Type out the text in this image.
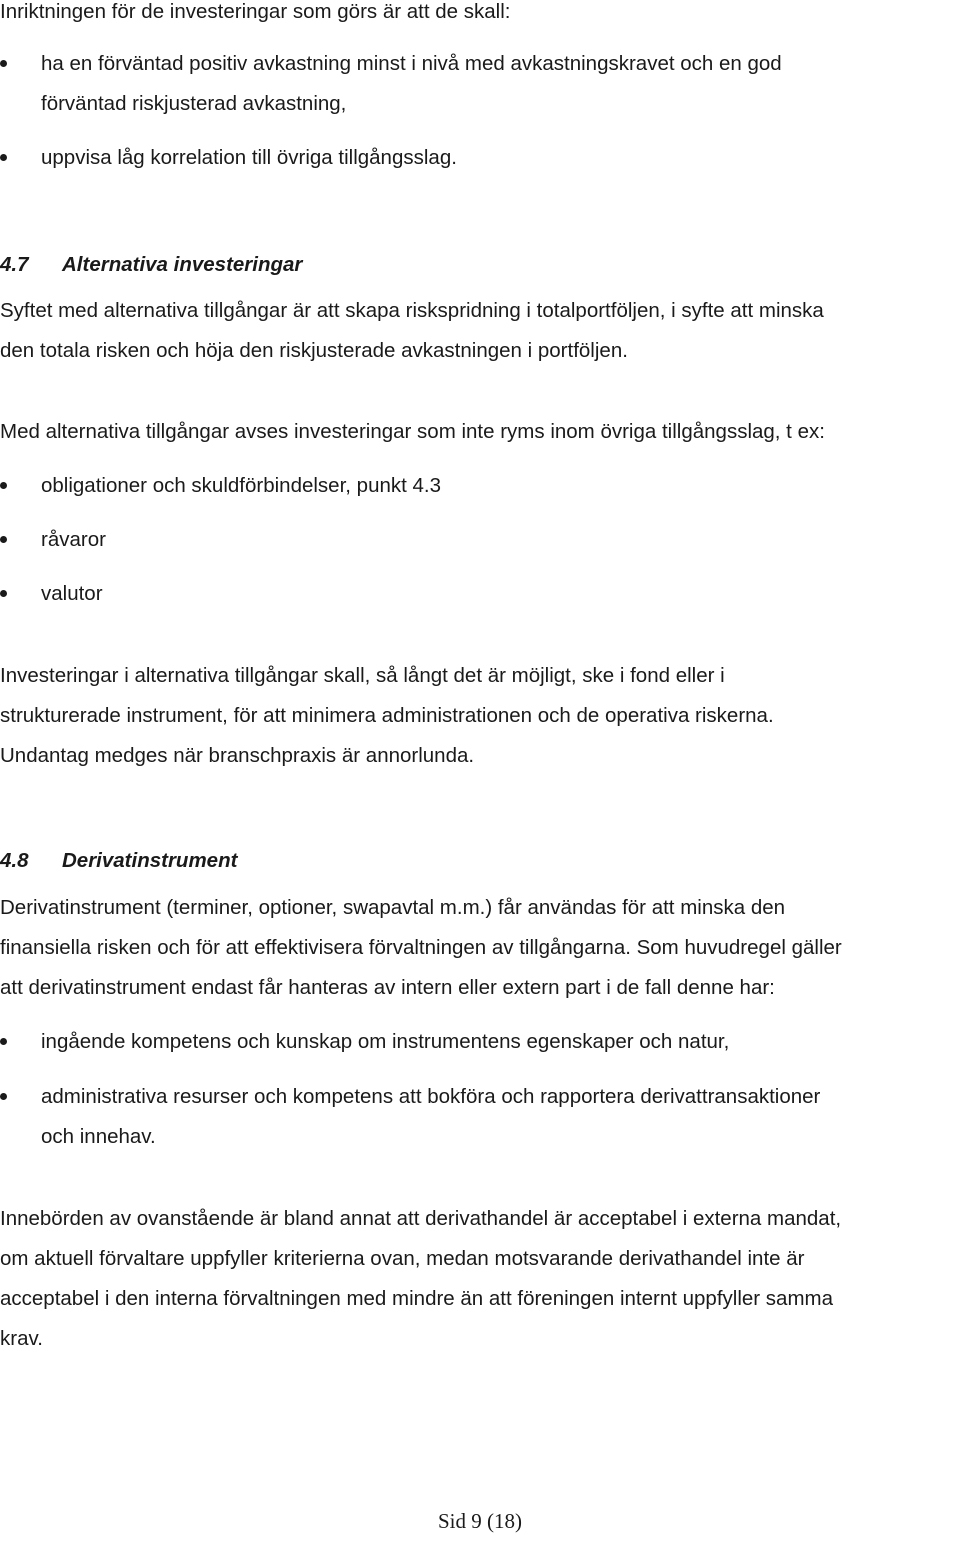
Inriktningen för de investeringar som görs är att de skall:

ha en förväntad positiv avkastning minst i nivå med avkastningskravet och en god

förväntad riskjusterad avkastning,

uppvisa låg korrelation till övriga tillgångsslag.

4.7 Alternativa investeringar

Syftet med alternativa tillgångar är att skapa riskspridning i totalportföljen, i syfte att minska

den totala risken och höja den riskjusterade avkastningen i portföljen.

Med alternativa tillgångar avses investeringar som inte ryms inom övriga tillgångsslag, t ex:

obligationer och skuldförbindelser, punkt 4.3

råvaror

valutor

Investeringar i alternativa tillgångar skall, så långt det är möjligt, ske i fond eller i

strukturerade instrument, för att minimera administrationen och de operativa riskerna.

Undantag medges när branschpraxis är annorlunda.

4.8 Derivatinstrument

Derivatinstrument (terminer, optioner, swapavtal m.m.) får användas för att minska den

finansiella risken och för att effektivisera förvaltningen av tillgångarna. Som huvudregel gäller

att derivatinstrument endast får hanteras av intern eller extern part i de fall denne har:

ingående kompetens och kunskap om instrumentens egenskaper och natur,

administrativa resurser och kompetens att bokföra och rapportera derivattransaktioner

och innehav.

Innebörden av ovanstående är bland annat att derivathandel är acceptabel i externa mandat,

om aktuell förvaltare uppfyller kriterierna ovan, medan motsvarande derivathandel inte är

acceptabel i den interna förvaltningen med mindre än att föreningen internt uppfyller samma

krav.

Sid 9 (18)
